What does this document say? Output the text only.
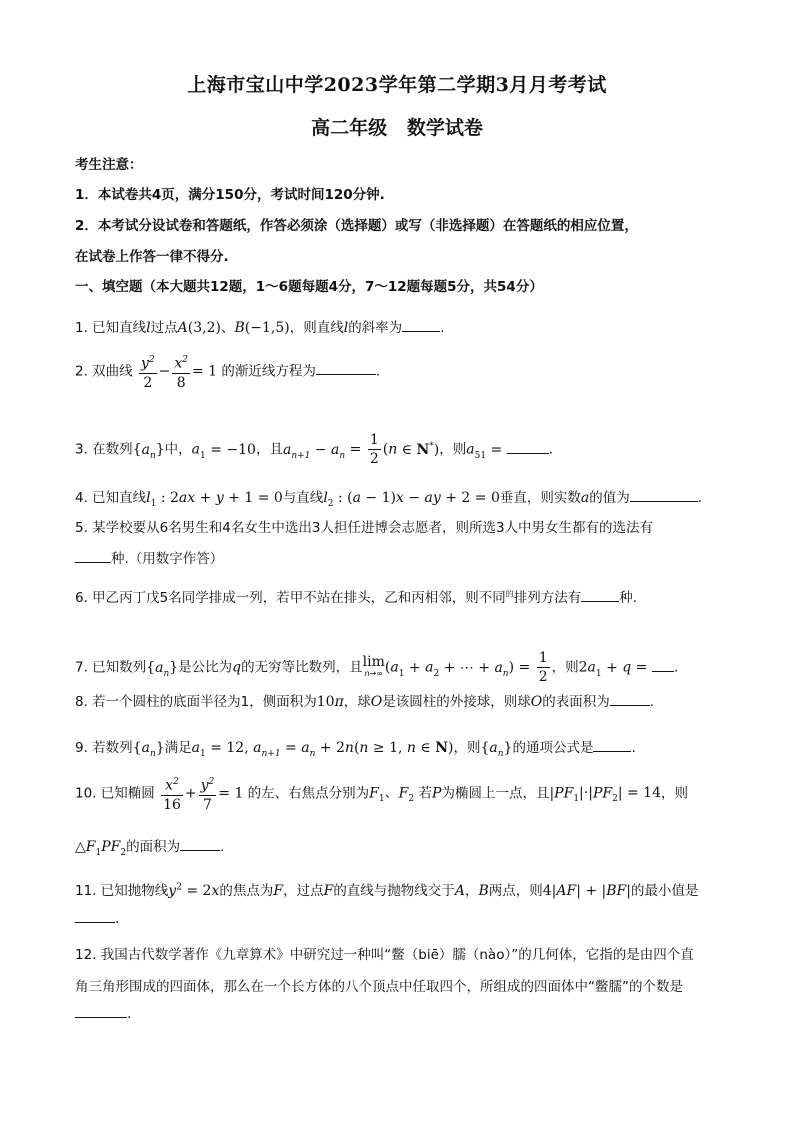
上海市宝山中学2023学年第二学期3月月考考试
高二年级   数学试卷
考生注意：
1．本试卷共4页，满分150分，考试时间120分钟.
2．本考试分设试卷和答题纸，作答必须涂（选择题）或写（非选择题）在答题纸的相应位置，
在试卷上作答一律不得分.
一、填空题（本大题共12题，1～6题每题4分，7～12题每题5分，共54分）
1. 已知直线l过点A(3,2)、B(−1,5)，则直线l的斜率为	.
2. 双曲线 $\frac{y^2}{2} - \frac{x^2}{8} = 1$ 的渐近线方程为	.
3. 在数列$\{a_n\}$中，$a_1 = -10$，且$a_{n+1} - a_n = \frac{1}{2} (n$ ∈ N*)，则$a_{51}$ =	.
4. 已知直线$l_1$ : 2ax + y + 1 = 0与直线$l_2$ : (a − 1)x − ay + 2 = 0垂直，则实数a的值为	.
5. 某学校要从6名男生和4名女生中选出3人担任进博会志愿者，则所选3人中男女生都有的选法有
种.（用数字作答）
6. 甲乙丙丁戊5名同学排成一列，若甲不站在排头，乙和丙相邻，则不同$^的$排列方法有	种.
7. 已知数列$\{a_n\}$是公比为q的无穷等比数列，且lim
n→∞ ($a_1 + a_2$ + ⋯ + $a_n) = \frac{1}{2}$ ，则$2a_1 + q$ = .
8. 若一个圆柱的底面半径为1，侧面积为10π，球O是该圆柱的外接球，则球O的表面积为	.
9. 若数列$\{a_n\}$满足$a_1 = 12$, $a_{n+1} = a_n + 2n(n \ge 1$, n ∈ N)，则$\{a_n\}$的通项公式是	.
10. 已知椭圆 $\frac{x^2}{16} + \frac{y^2}{7} = 1$ 的左、右焦点分别为$F_1$、$F_2$ 若P为椭圆上一点，且$|PF_1|\cdot|PF_2| = 14$，则
$\triangle F_1PF_2$的面积为	.
11. 已知抛物线$y^2 = 2x$的焦点为F，过点F的直线与抛物线交于A，B两点，则4|AF| + |BF|的最小值是
.
12. 我国古代数学著作《九章算术》中研究过一种叫“鳖（biē）臑（nào）”的几何体，它指的是由四个直
角三角形围成的四面体，那么在一个长方体的八个顶点中任取四个，所组成的四面体中“鳖臑”的个数是
.
